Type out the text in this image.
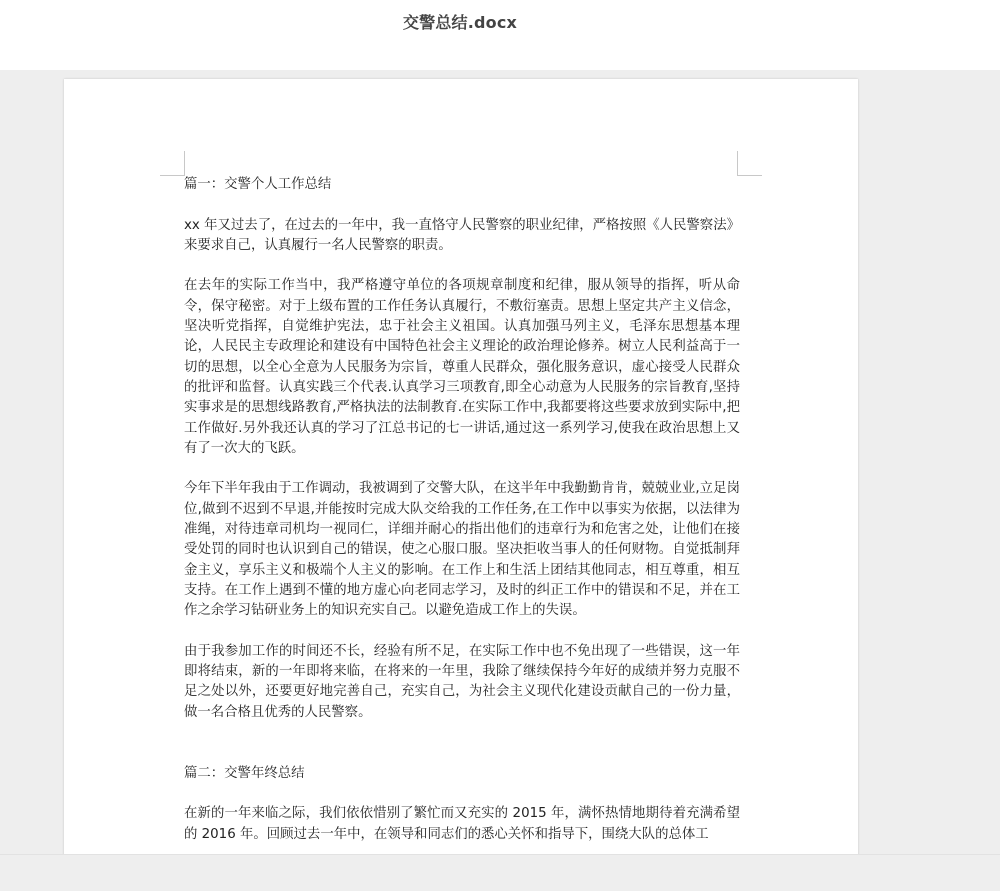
交警总结.docx
篇一：交警个人工作总结

xx 年又过去了，在过去的一年中，我一直恪守人民警察的职业纪律，严格按照《人民警察法》来要求自己，认真履行一名人民警察的职责。

在去年的实际工作当中，我严格遵守单位的各项规章制度和纪律，服从领导的指挥，听从命令，保守秘密。对于上级布置的工作任务认真履行，不敷衍塞责。思想上坚定共产主义信念，坚决听党指挥，自觉维护宪法，忠于社会主义祖国。认真加强马列主义，毛泽东思想基本理论，人民民主专政理论和建设有中国特色社会主义理论的政治理论修养。树立人民利益高于一切的思想，以全心全意为人民服务为宗旨，尊重人民群众，强化服务意识，虚心接受人民群众的批评和监督。认真实践三个代表.认真学习三项教育,即全心动意为人民服务的宗旨教育,坚持实事求是的思想线路教育,严格执法的法制教育.在实际工作中,我都要将这些要求放到实际中,把工作做好.另外我还认真的学习了江总书记的七一讲话,通过这一系列学习,使我在政治思想上又有了一次大的飞跃。

今年下半年我由于工作调动，我被调到了交警大队，在这半年中我勤勤肯肯，兢兢业业,立足岗位,做到不迟到不早退,并能按时完成大队交给我的工作任务,在工作中以事实为依据，以法律为准绳，对待违章司机均一视同仁，详细并耐心的指出他们的违章行为和危害之处，让他们在接受处罚的同时也认识到自己的错误，使之心服口服。坚决拒收当事人的任何财物。自觉抵制拜金主义，享乐主义和极端个人主义的影响。在工作上和生活上团结其他同志，相互尊重，相互支持。在工作上遇到不懂的地方虚心向老同志学习，及时的纠正工作中的错误和不足，并在工作之余学习钻研业务上的知识充实自己。以避免造成工作上的失误。

由于我参加工作的时间还不长，经验有所不足，在实际工作中也不免出现了一些错误，这一年即将结束，新的一年即将来临，在将来的一年里，我除了继续保持今年好的成绩并努力克服不足之处以外，还要更好地完善自己，充实自己，为社会主义现代化建设贡献自己的一份力量，做一名合格且优秀的人民警察。

篇二：交警年终总结

在新的一年来临之际，我们依依惜别了繁忙而又充实的 2015 年，满怀热情地期待着充满希望的 2016 年。回顾过去一年中，在领导和同志们的悉心关怀和指导下，围绕大队的总体工
